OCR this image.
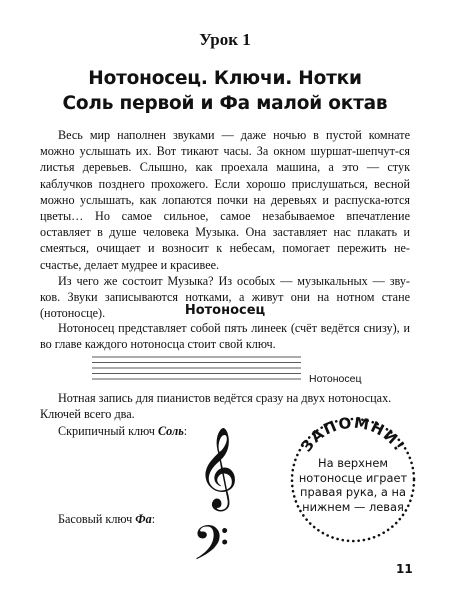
Урок 1
Нотоносец. Ключи. Нотки
Соль первой и Фа малой октав

Весь мир наполнен звуками — даже ночью в пустой комнате можно услышать их. Вот тикают часы. За окном шуршат-шепчут-ся листья деревьев. Слышно, как проехала машина, а это — стук каблучков позднего прохожего. Если хорошо прислушаться, весной можно услышать, как лопаются почки на деревьях и распуска-ются цветы… Но самое сильное, самое незабываемое впечатление оставляет в душе человека Музыка. Она заставляет нас плакать и смеяться, очищает и возносит к небесам, помогает пережить не-счастье, делает мудрее и красивее.

Из чего же состоит Музыка? Из особых — музыкальных — зву-ков. Звуки записываются нотками, а живут они на нотном стане (нотоносце).	Нотоносец

Нотоносец представляет собой пять линеек (счёт ведётся снизу), и во главе каждого нотоносца стоит свой ключ.

Нотоносец
Нотная запись для пианистов ведётся сразу на двух нотоносцах.
Ключей всего два.
Скрипичный ключ Соль: 𝄞
Басовый ключ Фа: 𝄢
ЗАПОМНИ!
На верхнем нотоносце играет правая рука, а на нижнем — левая
11
